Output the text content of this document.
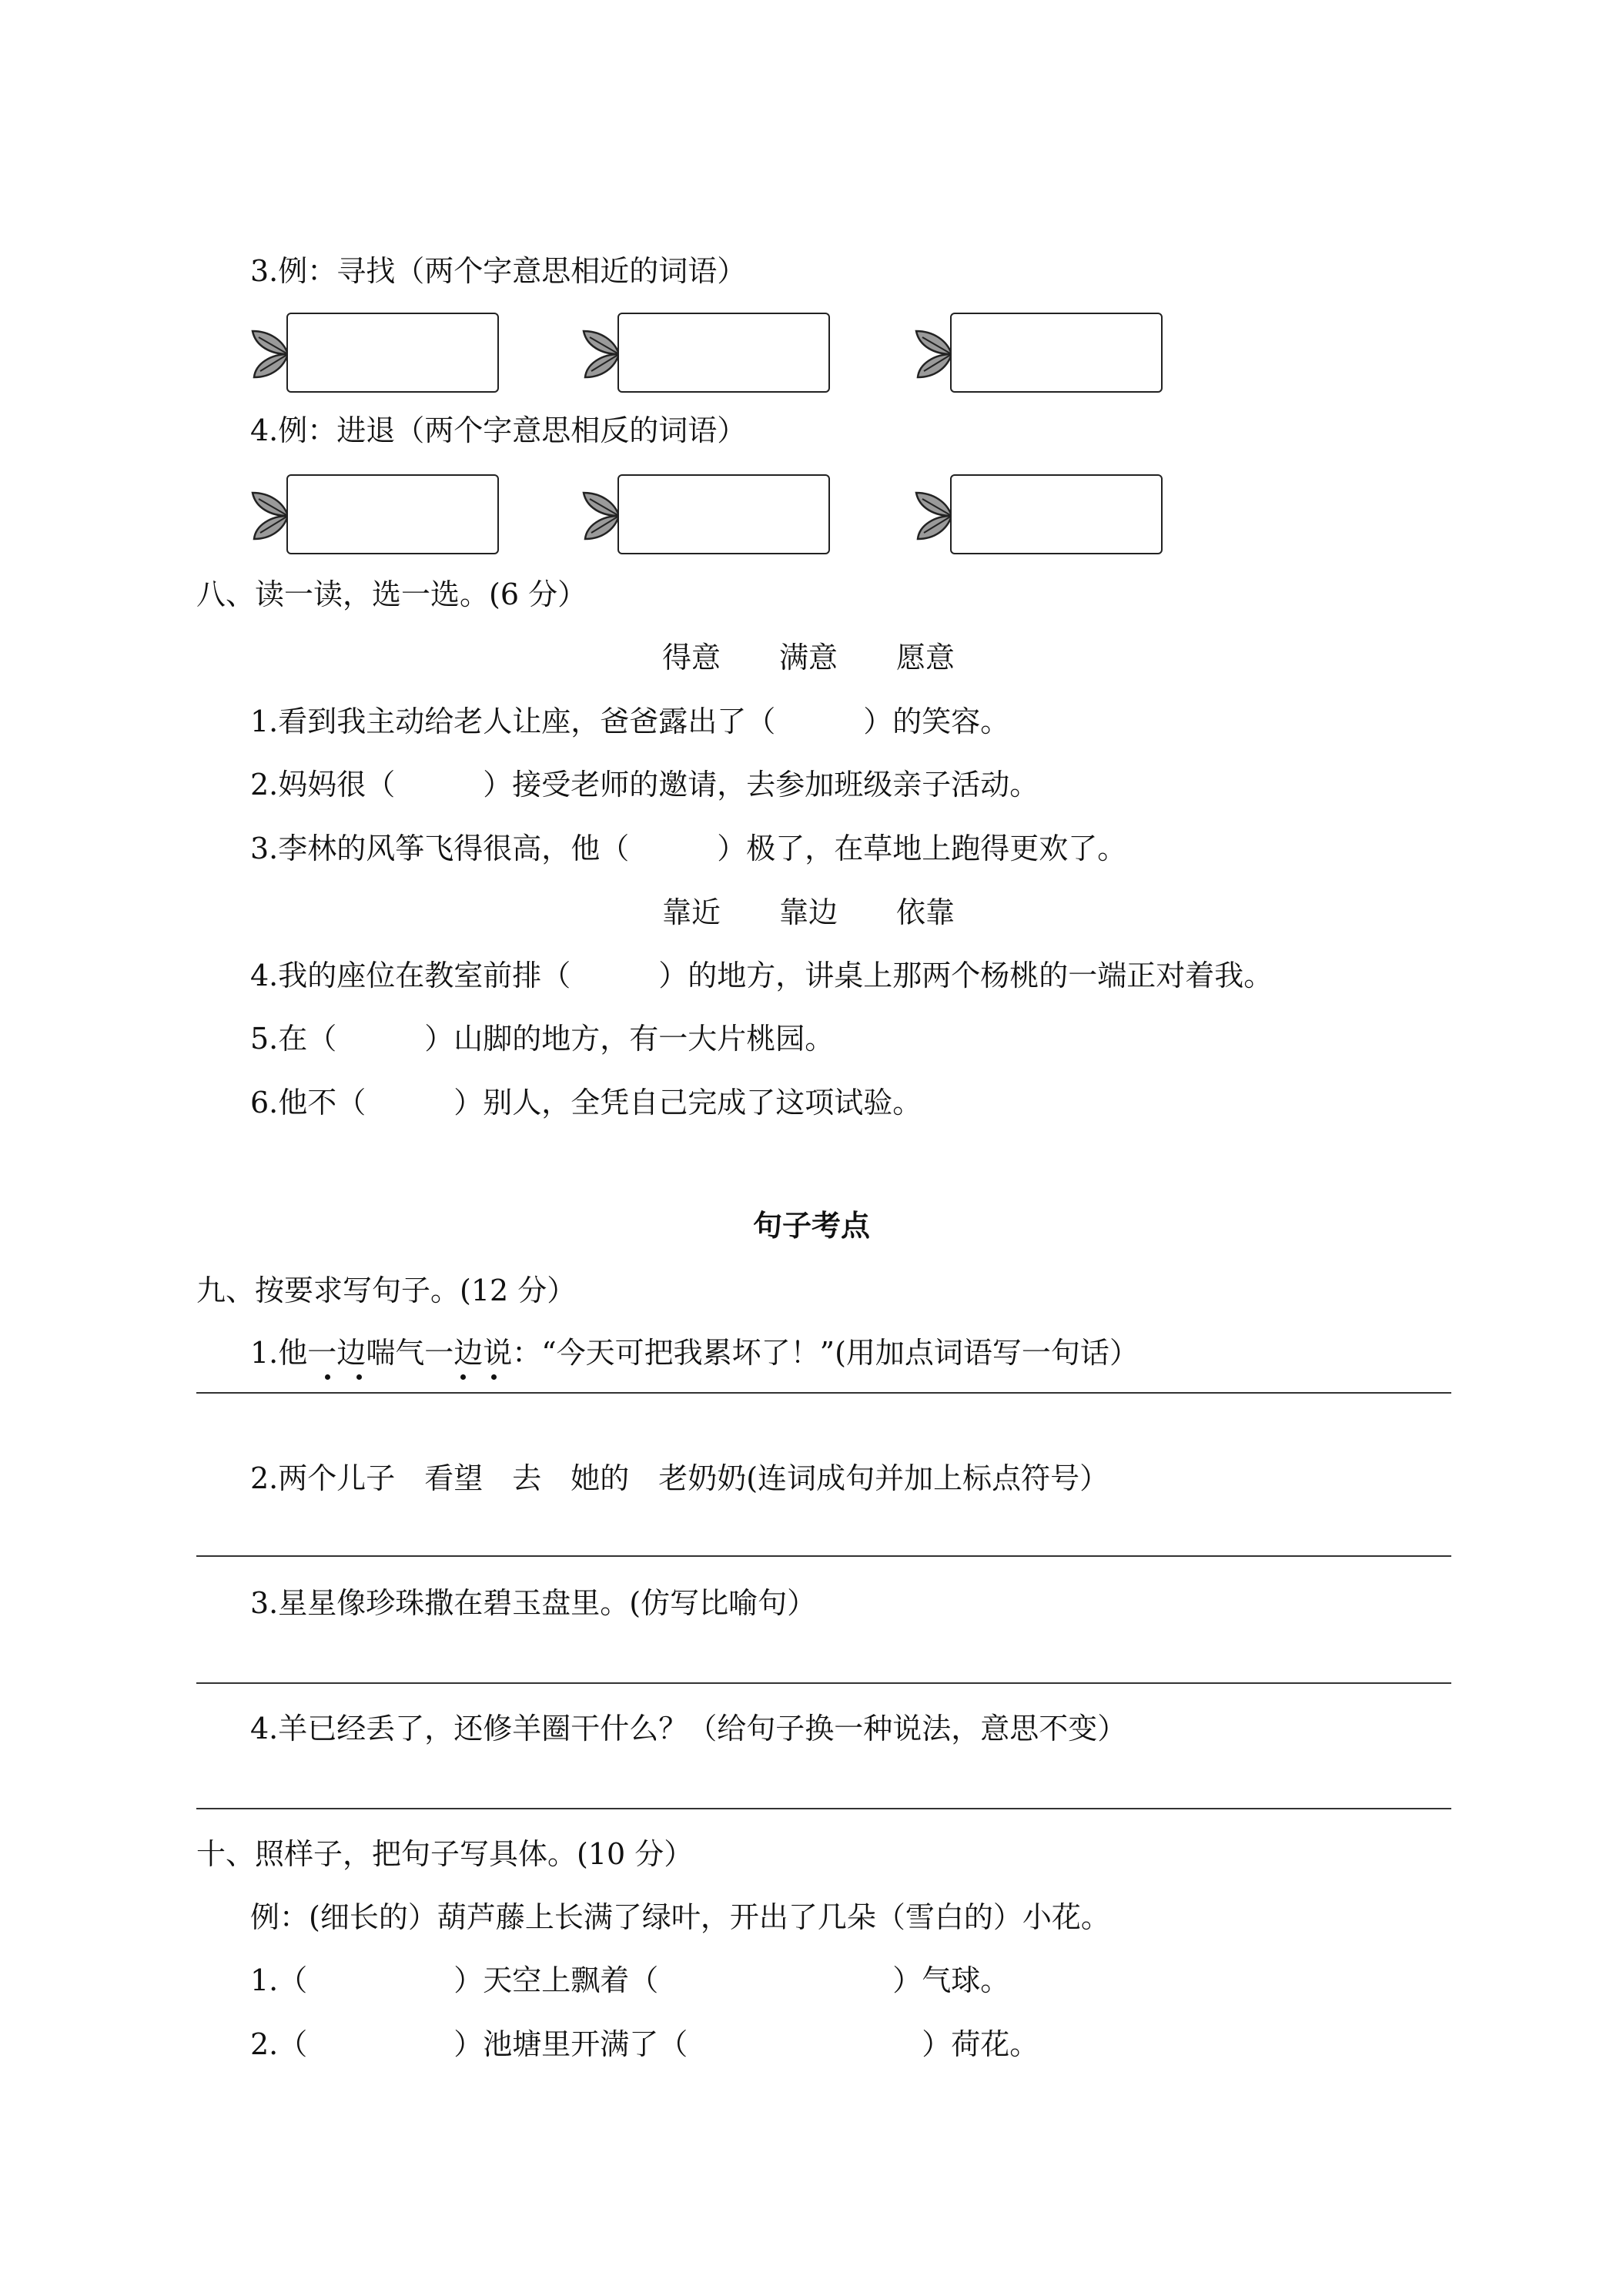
3.例：寻找（两个字意思相近的词语）
4.例：进退（两个字意思相反的词语）
八、读一读，选一选。(6 分）
得意　　满意　　愿意
1.看到我主动给老人让座，爸爸露出了（　　　）的笑容。
2.妈妈很（　　　）接受老师的邀请，去参加班级亲子活动。
3.李林的风筝飞得很高，他（　　　）极了，在草地上跑得更欢了。
靠近　　靠边　　依靠
4.我的座位在教室前排（　　　）的地方，讲桌上那两个杨桃的一端正对着我。
5.在（　　　）山脚的地方，有一大片桃园。
6.他不（　　　）别人，全凭自己完成了这项试验。
句子考点
九、按要求写句子。(12 分）
1.他一边喘气一边说：“今天可把我累坏了！”(用加点词语写一句话）
2.两个儿子　看望　去　她的　老奶奶(连词成句并加上标点符号）
3.星星像珍珠撒在碧玉盘里。(仿写比喻句）
4.羊已经丢了，还修羊圈干什么？（给句子换一种说法，意思不变）
十、照样子，把句子写具体。(10 分）
例：(细长的）葫芦藤上长满了绿叶，开出了几朵（雪白的）小花。
1.（　　　　　）天空上飘着（　　　　　　　　）气球。
2.（　　　　　）池塘里开满了（　　　　　　　　）荷花。
